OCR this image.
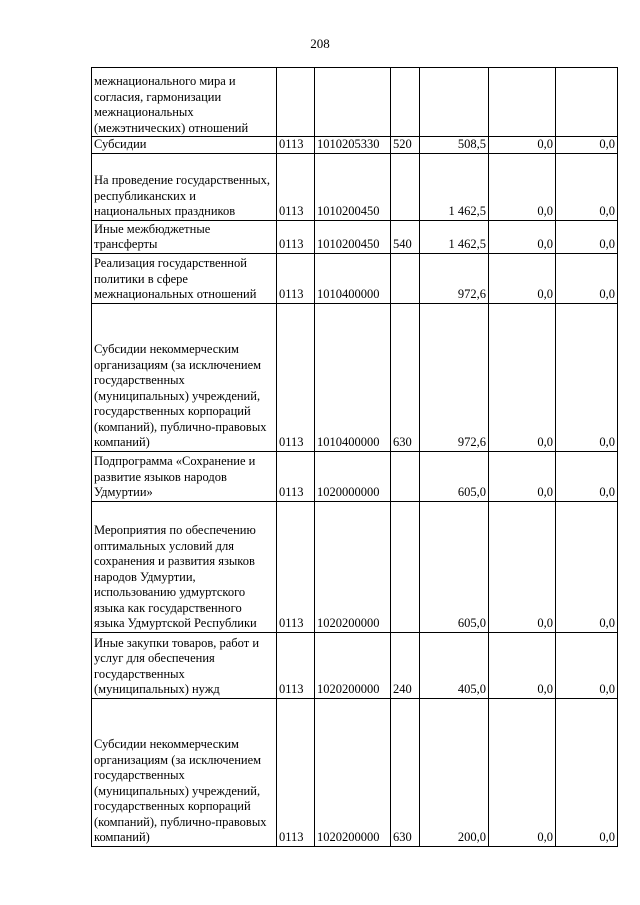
208
межнационального мира и согласия, гармонизации межнациональных (межэтнических) отношений						
Субсидии	0113	1010205330	520	508,5	0,0	0,0
На проведение государственных, республиканских и национальных праздников	0113	1010200450		1 462,5	0,0	0,0
Иные межбюджетные трансферты	0113	1010200450	540	1 462,5	0,0	0,0
Реализация государственной политики в сфере межнациональных отношений	0113	1010400000		972,6	0,0	0,0
Субсидии некоммерческим организациям (за исключением государственных (муниципальных) учреждений, государственных корпораций (компаний), публично-правовых компаний)	0113	1010400000	630	972,6	0,0	0,0
Подпрограмма «Сохранение и развитие языков народов Удмуртии»	0113	1020000000		605,0	0,0	0,0
Мероприятия по обеспечению оптимальных условий для сохранения и развития языков народов Удмуртии, использованию удмуртского языка как государственного языка Удмуртской Республики	0113	1020200000		605,0	0,0	0,0
Иные закупки товаров, работ и услуг для обеспечения государственных (муниципальных) нужд	0113	1020200000	240	405,0	0,0	0,0
Субсидии некоммерческим организациям (за исключением государственных (муниципальных) учреждений, государственных корпораций (компаний), публично-правовых компаний)	0113	1020200000	630	200,0	0,0	0,0
